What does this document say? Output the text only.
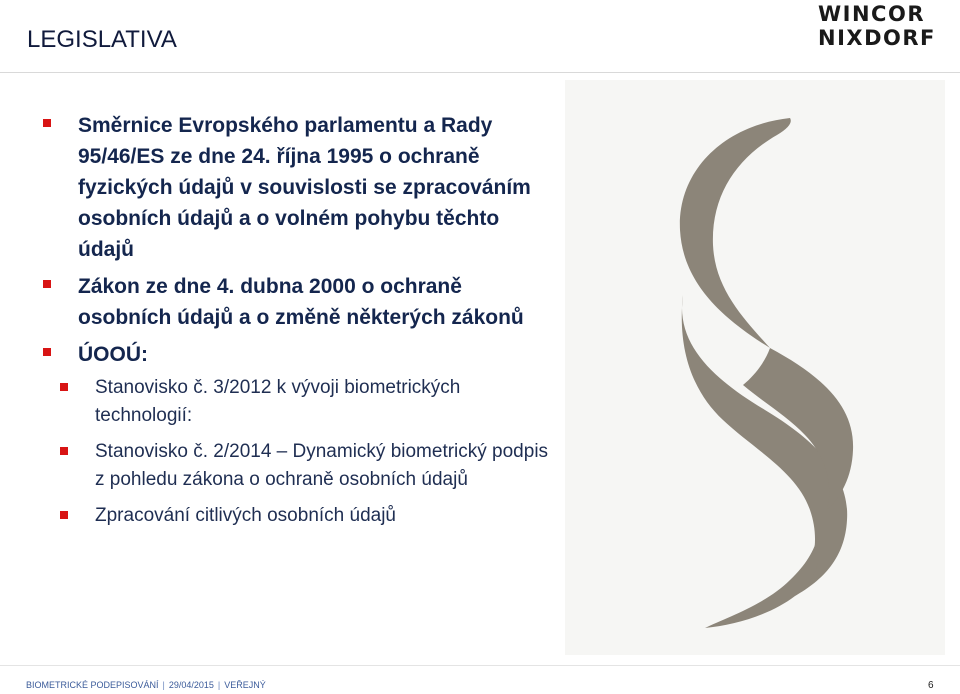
LEGISLATIVA
WINCOR
NIXDORF
Směrnice Evropského parlamentu a Rady 95/46/ES ze dne 24. října 1995 o ochraně fyzických údajů v souvislosti se zpracováním osobních údajů a o volném pohybu těchto údajů
Zákon ze dne 4. dubna 2000 o ochraně osobních údajů a o změně některých zákonů
ÚOOÚ:
Stanovisko č. 3/2012 k vývoji biometrických technologií:
Stanovisko č. 2/2014 – Dynamický biometrický podpis z pohledu zákona o ochraně osobních údajů
Zpracování citlivých osobních údajů
BIOMETRICKÉ PODEPISOVÁNÍ | 29/04/2015 | VEŘEJNÝ	6
